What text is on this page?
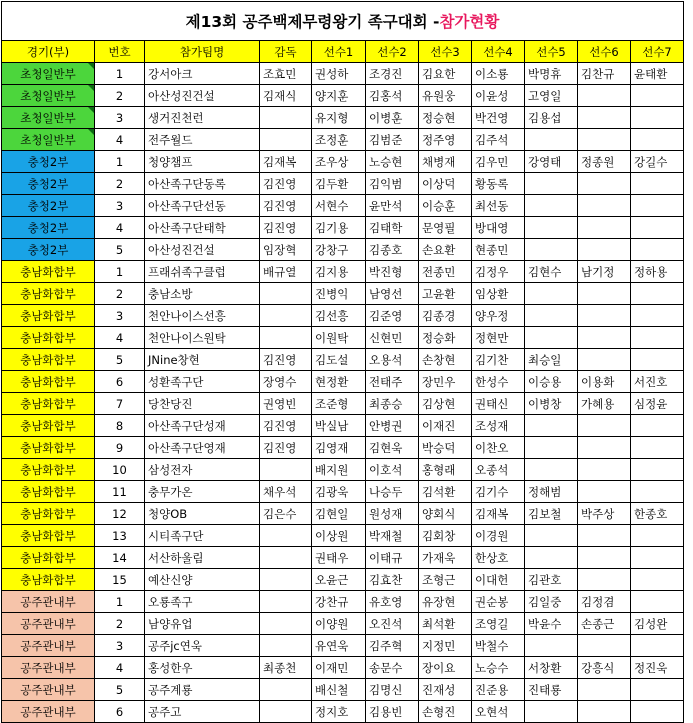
제13회 공주백제무령왕기 족구대회 -참가현황										
경기(부)	번호	참가팀명	감독	선수1	선수2	선수3	선수4	선수5	선수6	선수7
초청일반부	1	강서아크	조효민	권성하	조경진	김요한	이소룡	박명휴	김찬규	윤태환
초청일반부	2	아산성진건설	김재식	양지훈	김홍석	유원웅	이윤성	고영일		
초청일반부	3	생거진천런		유지형	이병훈	정승현	박건영	김용섭		
초청일반부	4	전주월드		조정훈	김범준	정주영	김주석			
충청2부	1	청양챔프	김재복	조우상	노승현	채병재	김우민	강영태	정종원	강길수
충청2부	2	아산족구단동록	김진영	김두환	김익범	이상덕	황동록			
충청2부	3	아산족구단선동	김진영	서현수	윤만석	이승훈	최선동			
충청2부	4	아산족구단태학	김진영	김기용	김태학	문영필	방대영			
충청2부	5	아산성진건설	임장혁	강창구	김종호	손요환	현종민			
충남화합부	1	프래쉬족구클럽	배규열	김지용	박진형	전종민	김정우	김현수	남기정	정하용
충남화합부	2	충남소방		진병익	남영선	고윤환	임상환			
충남화합부	3	천안나이스선흥		김선흥	김준영	김종경	양우정			
충남화합부	4	천안나이스원탁		이원탁	신현민	정승화	정현만			
충남화합부	5	JNine창현	김진영	김도설	오용석	손창현	김기찬	최승일		
충남화합부	6	성환족구단	장영수	현정환	전태주	장민우	한성수	이승용	이용화	서진호
충남화합부	7	당찬당진	권영빈	조준형	최종승	김상현	권태신	이병창	가혜용	심정윤
충남화합부	8	아산족구단성재	김진영	박실남	안병권	이재진	조성재			
충남화합부	9	아산족구단영재	김진영	김영재	김현욱	박승덕	이찬오			
충남화합부	10	삼성전자		배지원	이호석	홍형래	오종석			
충남화합부	11	충무가온	채우석	김광욱	나승두	김석환	김기수	정해범		
충남화합부	12	청양OB	김은수	김현일	원성재	양회식	김재복	김보철	박주상	한종호
충남화합부	13	시티족구단		이상원	박재철	김회창	이경원			
충남화합부	14	서산하울림		권태우	이태규	가재욱	한상호			
충남화합부	15	예산신양		오윤근	김효찬	조형근	이대헌	김관호		
공주관내부	1	오룡족구		강찬규	유호영	유장현	권순봉	김일중	김정겸	
공주관내부	2	남양유업		이양원	오진석	최석환	조영길	박윤수	손종근	김성완
공주관내부	3	공주jc연욱		유연욱	김주혁	지정민	박철수			
공주관내부	4	홍성한우	최종천	이재민	송문수	장이요	노승수	서창환	강흥식	정진욱
공주관내부	5	공주계룡		배신철	김명신	진재성	진준용	진태룡		
공주관내부	6	공주고		정지호	김용빈	손형진	오현석			
